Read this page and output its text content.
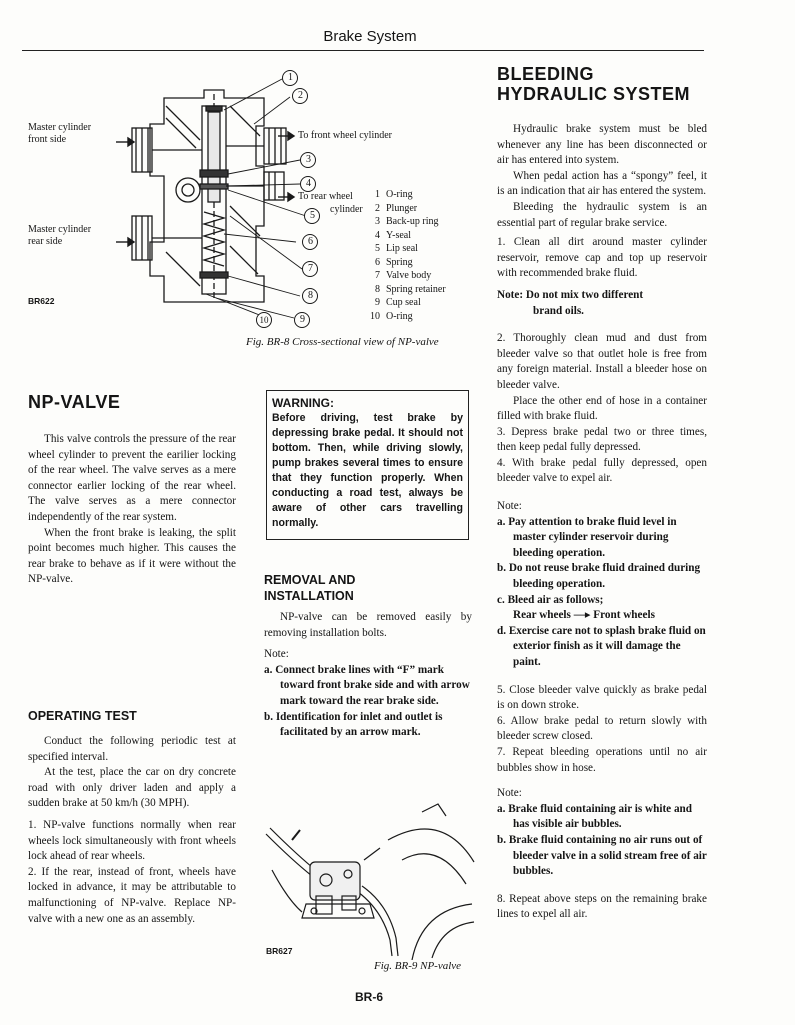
Brake System
1
2
3
4
5
6
7
8
9
10
Master cylinder
front side
Master cylinder
rear side
To front wheel cylinder
To rear wheel
cylinder
BR622
1 O-ring
2 Plunger
3 Back-up ring
4 Y-seal
5 Lip seal
6 Spring
7 Valve body
8 Spring retainer
9 Cup seal
10 O-ring
Fig. BR-8 Cross-sectional view of NP-valve
NP-VALVE

This valve controls the pressure of the rear wheel cylinder to prevent the earilier locking of the rear wheel. The valve serves as a mere connector earlier locking of the rear wheel. The valve serves as a mere connector independently of the rear system.

When the front brake is leaking, the split point becomes much higher. This causes the rear brake to behave as if it were without the NP-valve.

OPERATING TEST

Conduct the following periodic test at specified interval.

At the test, place the car on dry concrete road with only driver laden and apply a sudden brake at 50 km/h (30 MPH).

1. NP-valve functions normally when rear wheels lock simultaneously with front wheels lock ahead of rear wheels.

2. If the rear, instead of front, wheels have locked in advance, it may be attributable to malfunctioning of NP-valve. Replace NP-valve with a new one as an assembly.

WARNING:
Before driving, test brake by depressing brake pedal. It should not bottom. Then, while driving slowly, pump brakes several times to ensure that they function properly. When conducting a road test, always be aware of other cars travelling normally.
REMOVAL AND
INSTALLATION

NP-valve can be removed easily by removing installation bolts.

Note:

a. Connect brake lines with “F” mark toward front brake side and with arrow mark toward the rear brake side.
b. Identification for inlet and outlet is facilitated by an arrow mark.
BR627
Fig. BR-9 NP-valve
BLEEDING
HYDRAULIC SYSTEM

Hydraulic brake system must be bled whenever any line has been disconnected or air has entered into system.

When pedal action has a “spongy” feel, it is an indication that air has entered the system.

Bleeding the hydraulic system is an essential part of regular brake service.

1. Clean all dirt around master cylinder reservoir, remove cap and top up reservoir with recommended brake fluid.

Note: Do not mix two different

brand oils.

2. Thoroughly clean mud and dust from bleeder valve so that outlet hole is free from any foreign material. Install a bleeder hose on bleeder valve.

Place the other end of hose in a container filled with brake fluid.

3. Depress brake pedal two or three times, then keep pedal fully depressed.

4. With brake pedal fully depressed, open bleeder valve to expel air.

Note:

a. Pay attention to brake fluid level in master cylinder reservoir during bleeding operation.
b. Do not reuse brake fluid drained during bleeding operation.
c. Bleed air as follows;
Rear wheels —▸ Front wheels
d. Exercise care not to splash brake fluid on exterior finish as it will damage the paint.

5. Close bleeder valve quickly as brake pedal is on down stroke.

6. Allow brake pedal to return slowly with bleeder screw closed.

7. Repeat bleeding operations until no air bubbles show in hose.

Note:

a. Brake fluid containing air is white and has visible air bubbles.
b. Brake fluid containing no air runs out of bleeder valve in a solid stream free of air bubbles.

8. Repeat above steps on the remaining brake lines to expel all air.

BR-6
